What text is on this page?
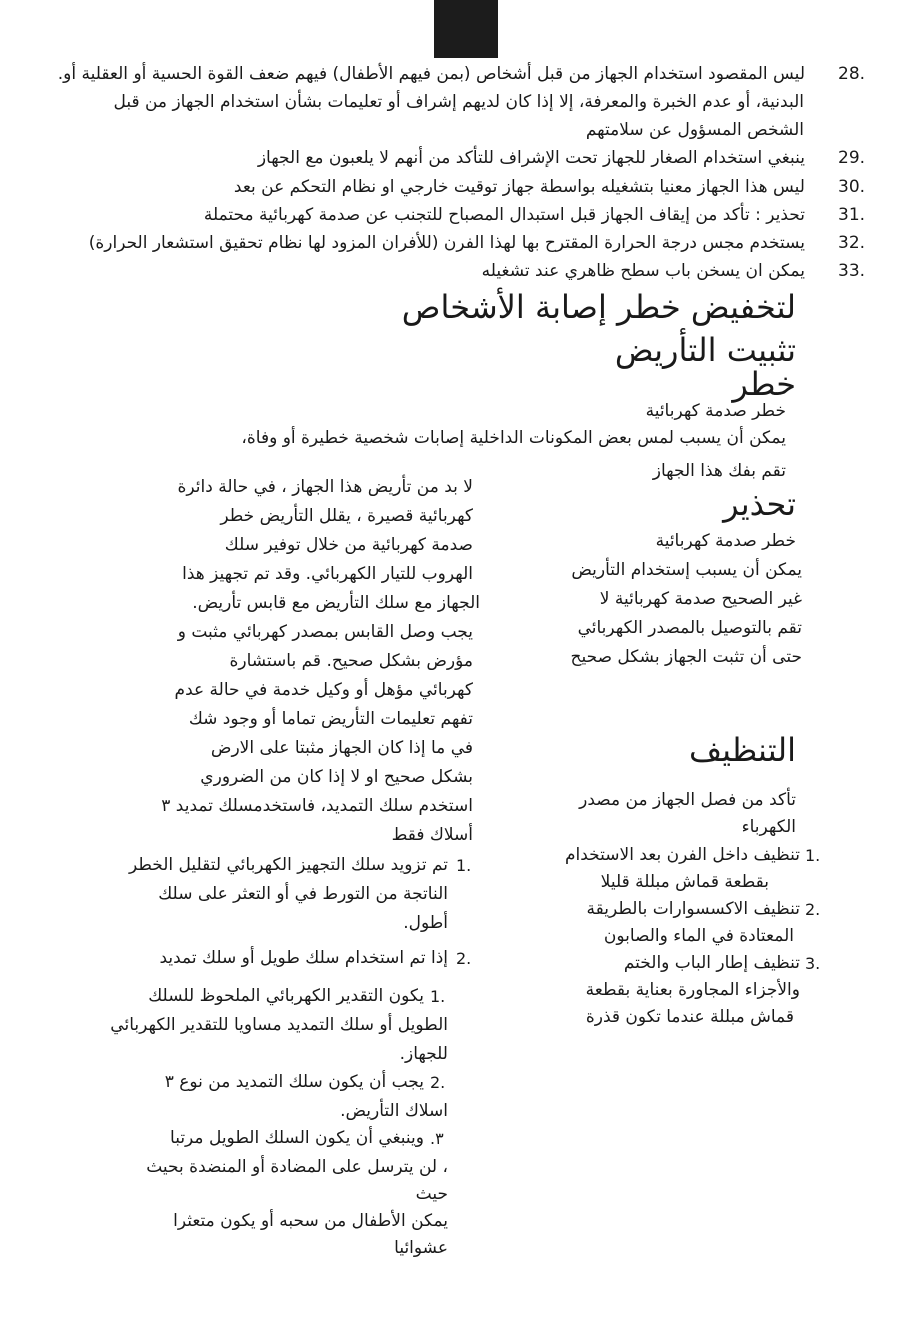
28.
ليس المقصود استخدام الجهاز من قبل أشخاص (بمن فيهم الأطفال) فيهم ضعف القوة الحسية أو العقلية أو.
البدنية، أو عدم الخبرة والمعرفة، إلا إذا كان لديهم إشراف أو تعليمات بشأن استخدام الجهاز من قبل
الشخص المسؤول عن سلامتهم
29.
ينبغي استخدام الصغار للجهاز تحت الإشراف للتأكد من أنهم لا يلعبون مع الجهاز
30.
ليس هذا الجهاز معنيا بتشغيله بواسطة جهاز توقيت خارجي او نظام التحكم عن بعد
31.
تحذير : تأكد من إيقاف الجهاز قبل استبدال المصباح للتجنب عن صدمة كهربائية محتملة
32.
يستخدم مجس درجة الحرارة المقترح بها لهذا الفرن (للأفران المزود لها نظام تحقيق استشعار الحرارة)
33.
يمكن ان يسخن باب سطح ظاهري عند تشغيله
لتخفيض خطر إصابة الأشخاص
تثبيت التأريض
خطر
خطر صدمة كهربائية
يمكن أن يسبب لمس بعض المكونات الداخلية إصابات شخصية خطيرة أو وفاة،
تقم بفك هذا الجهاز
تحذير
خطر صدمة كهربائية
يمكن أن يسبب إستخدام التأريض
غير الصحيح صدمة كهربائية لا
تقم بالتوصيل بالمصدر الكهربائي
حتى أن تثبت الجهاز بشكل صحيح
لا بد من تأريض هذا الجهاز ، في حالة دائرة
كهربائية قصيرة ، يقلل التأريض خطر
صدمة كهربائية من خلال توفير سلك
الهروب للتيار الكهربائي. وقد تم تجهيز هذا
الجهاز مع سلك التأريض مع قابس تأريض.
يجب وصل القابس بمصدر كهربائي مثبت و
مؤرض بشكل صحيح. قم باستشارة
كهربائي مؤهل أو وكيل خدمة في حالة عدم
تفهم تعليمات التأريض تماما أو وجود شك
في ما إذا كان الجهاز مثبتا على الارض
بشكل صحيح او لا إذا كان من الضروري
استخدم سلك التمديد، فاستخدمسلك تمديد ٣
أسلاك فقط
1.
تم تزويد سلك التجهيز الكهربائي لتقليل الخطر
الناتجة من التورط في أو التعثر على سلك
أطول.
2.
إذا تم استخدام سلك طويل أو سلك تمديد
1.
يكون التقدير الكهربائي الملحوظ للسلك
الطويل أو سلك التمديد مساويا للتقدير الكهربائي
للجهاز.
2.
يجب أن يكون سلك التمديد من نوع ٣
اسلاك التأريض.
.٣
وينبغي أن يكون السلك الطويل مرتبا
، لن يترسل على المضادة أو المنضدة بحيث
حيث
يمكن الأطفال من سحبه أو يكون متعثرا
عشوائيا
التنظيف
تأكد من فصل الجهاز من مصدر
الكهرباء
1.
تنظيف داخل الفرن بعد الاستخدام
بقطعة قماش مبللة قليلا
2.
تنظيف الاكسسوارات بالطريقة
المعتادة في الماء والصابون
3.
تنظيف إطار الباب والختم
والأجزاء المجاورة بعناية بقطعة
قماش مبللة عندما تكون قذرة
